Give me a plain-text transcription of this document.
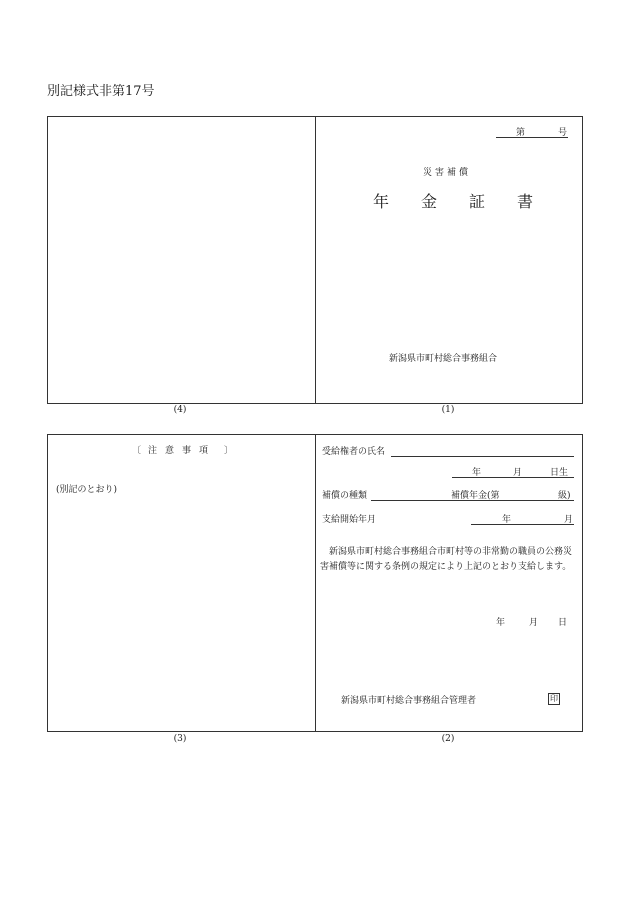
別記様式非第17号
第	号
災害補償
年金証書
新潟県市町村総合事務組合
(4)	(1)
〔 注意事項 〕
(別記のとおり)
受給権者の氏名
年	月	日生
補償の種類	補償年金(第	級)
支給開始年月	年	月
新潟県市町村総合事務組合市町村等の非常勤の職員の公務災害補償等に関する条例の規定により上記のとおり支給します。
年	月 日
新潟県市町村総合事務組合管理者	印
(3)	(2)
